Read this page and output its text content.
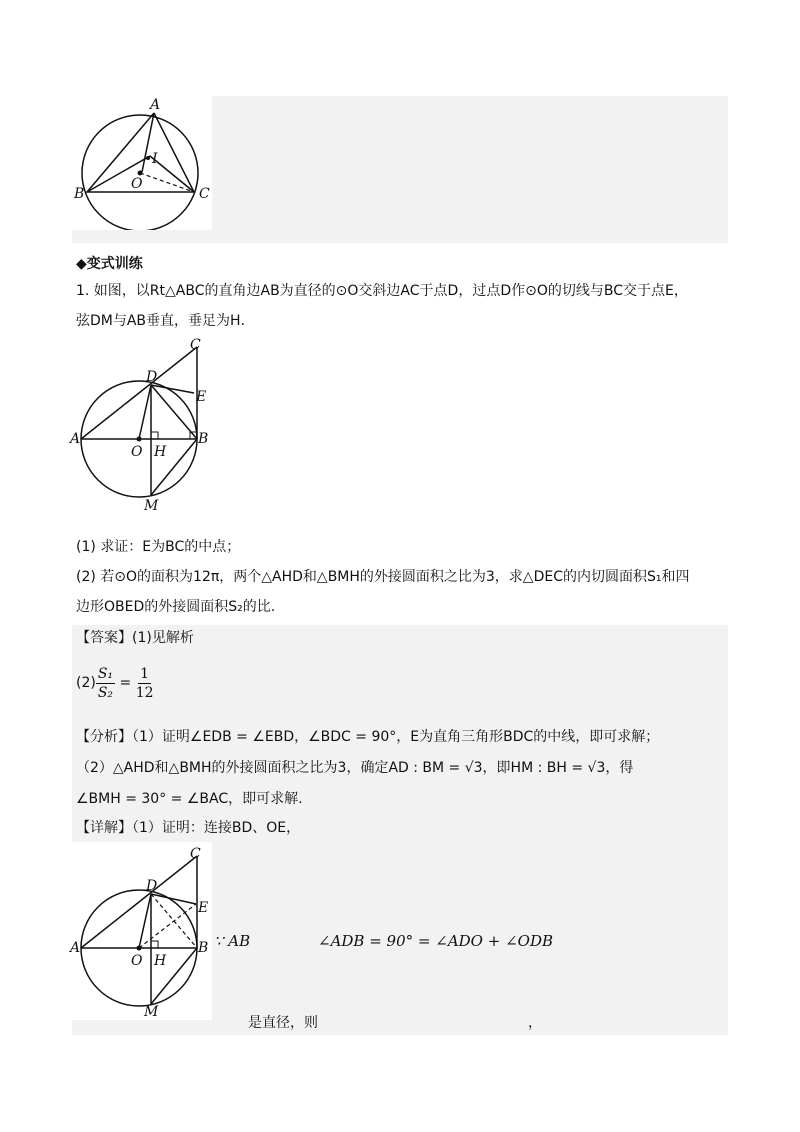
A
I
O
B	C
◆变式训练
1. 如图，以Rt△ABC的直角边AB为直径的⊙O交斜边AC于点D，过点D作⊙O的切线与BC交于点E，
弦DM与AB垂直，垂足为H．
C
D
E
A	B
O H
M
(1) 求证：E为BC的中点；
(2) 若⊙O的面积为12π，两个△AHD和△BMH的外接圆面积之比为3，求△DEC的内切圆面积S₁和四
边形OBED的外接圆面积S₂的比.
【答案】(1)见解析
$(2) \frac{\text{S₁}}{\text{S₂}} = \frac{1}{12}$
【分析】（1）证明∠EDB = ∠EBD，∠BDC = 90°，E为直角三角形BDC的中线，即可求解；
（2）△AHD和△BMH的外接圆面积之比为3，确定AD : BM = √3，即HM : BH = √3，得
∠BMH = 30° = ∠BAC，即可求解.
【详解】（1）证明：连接BD、OE，
C
D
E
A	B
O H
M
∵ AB	∠ADB = 90° = ∠ADO + ∠ODB
是直径，则	，
